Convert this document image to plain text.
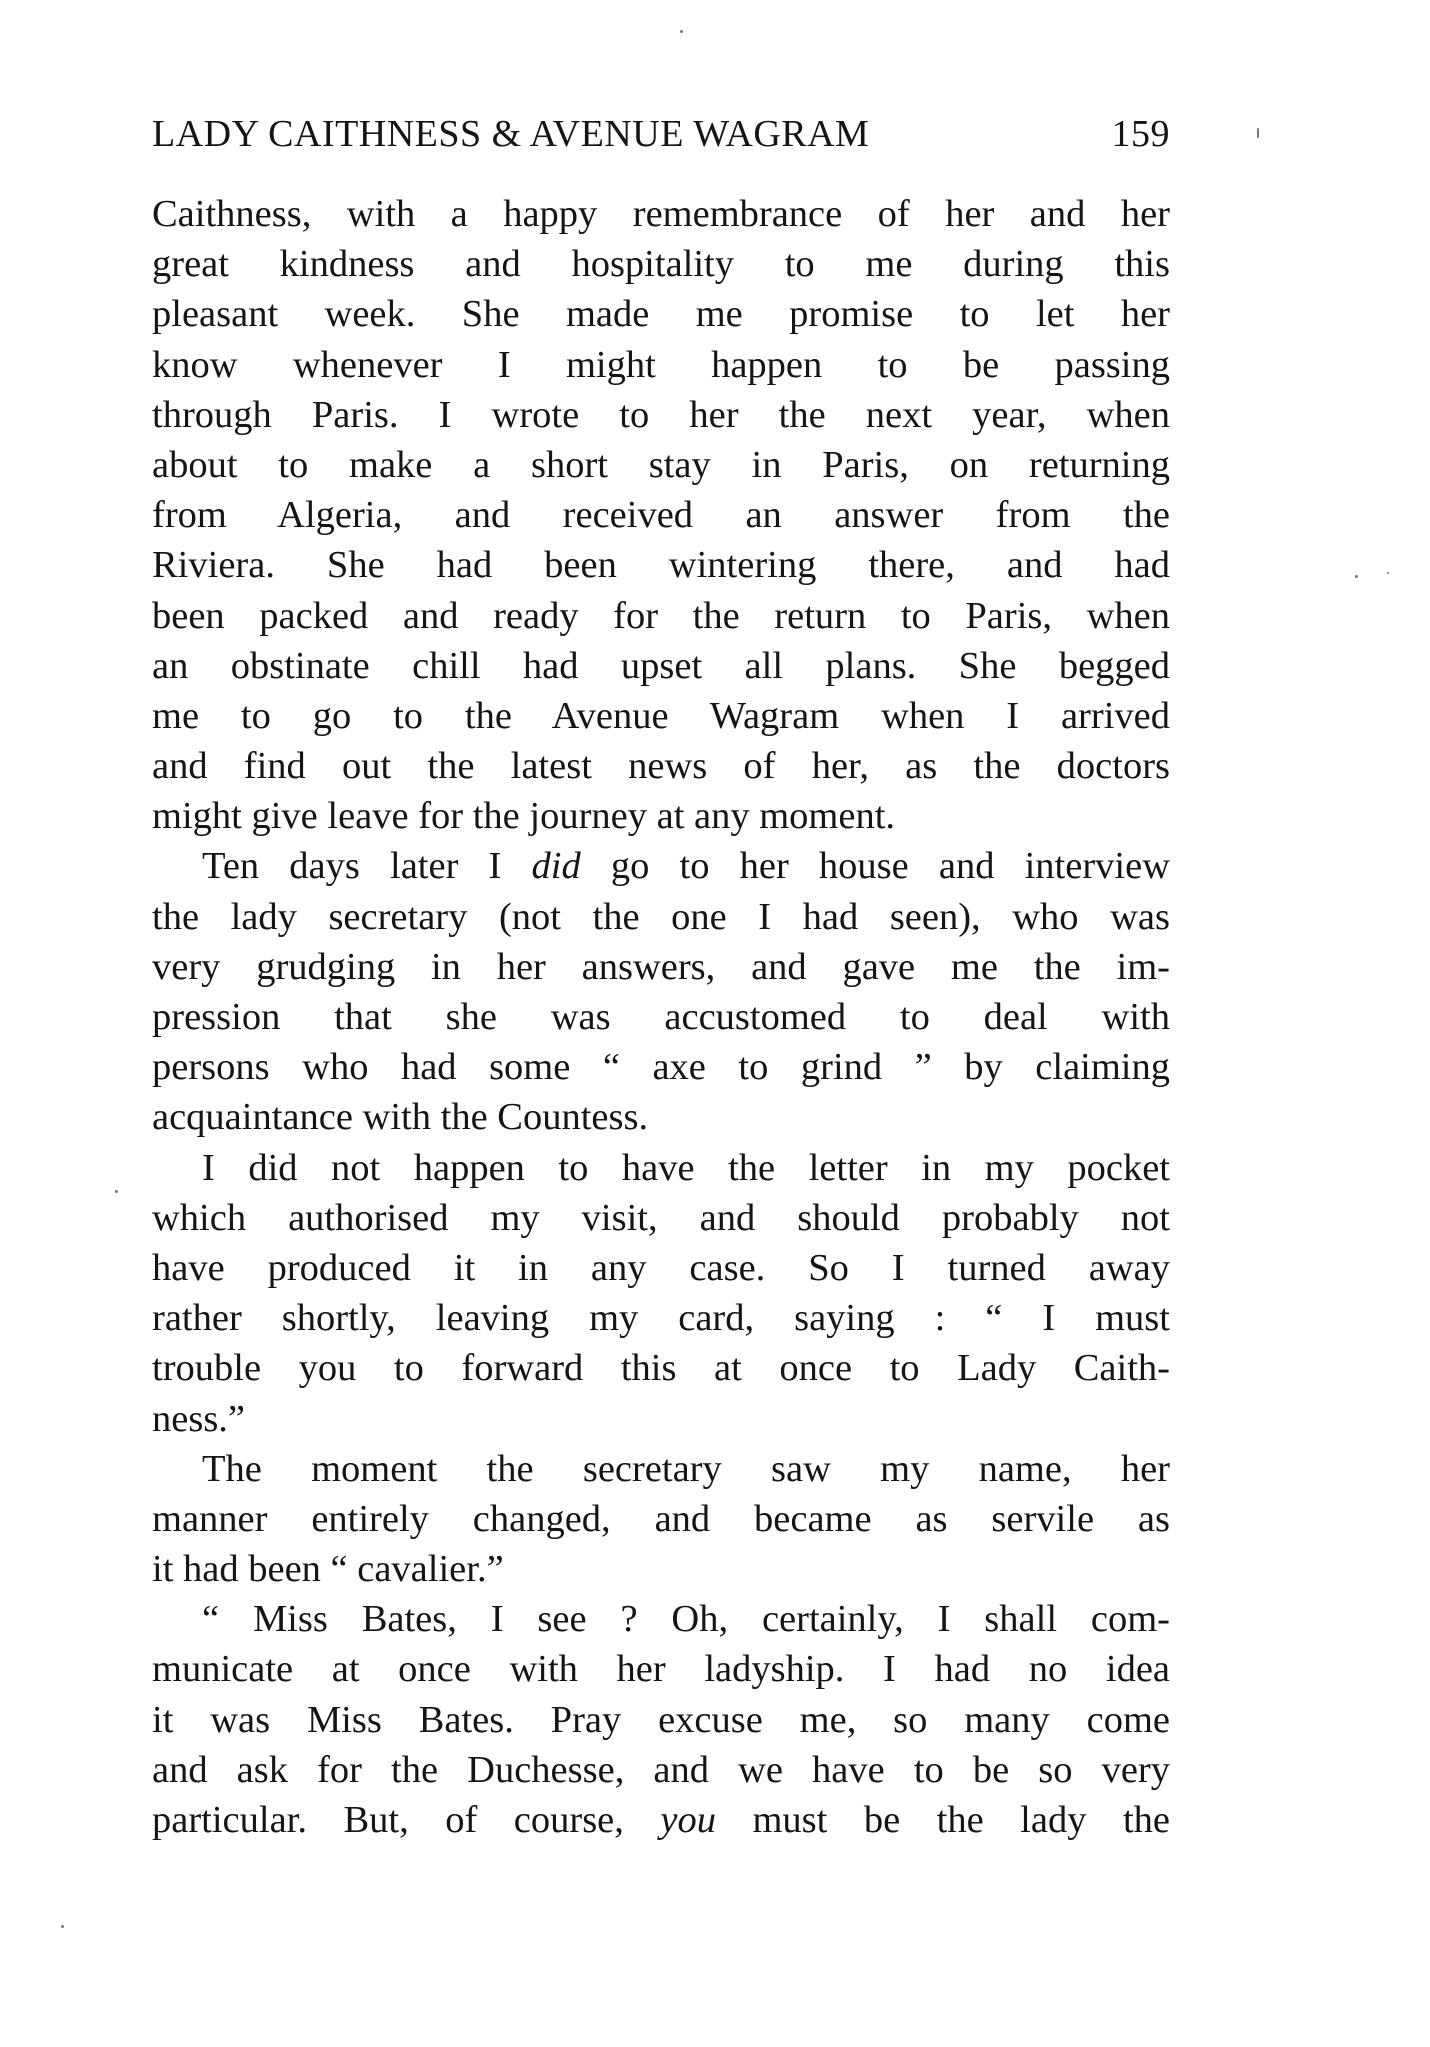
LADY CAITHNESS & AVENUE WAGRAM	159
Caithness, with a happy remembrance of her and her
great kindness and hospitality to me during this
pleasant week. She made me promise to let her
know whenever I might happen to be passing
through Paris. I wrote to her the next year, when
about to make a short stay in Paris, on returning
from Algeria, and received an answer from the
Riviera. She had been wintering there, and had
been packed and ready for the return to Paris, when
an obstinate chill had upset all plans. She begged
me to go to the Avenue Wagram when I arrived
and find out the latest news of her, as the doctors
might give leave for the journey at any moment.
Ten days later I did go to her house and interview
the lady secretary (not the one I had seen), who was
very grudging in her answers, and gave me the im-
pression that she was accustomed to deal with
persons who had some “ axe to grind ” by claiming
acquaintance with the Countess.
I did not happen to have the letter in my pocket
which authorised my visit, and should probably not
have produced it in any case. So I turned away
rather shortly, leaving my card, saying : “ I must
trouble you to forward this at once to Lady Caith-
ness.”
The moment the secretary saw my name, her
manner entirely changed, and became as servile as
it had been “ cavalier.”
“ Miss Bates, I see ? Oh, certainly, I shall com-
municate at once with her ladyship. I had no idea
it was Miss Bates. Pray excuse me, so many come
and ask for the Duchesse, and we have to be so very
particular. But, of course, you must be the lady the
